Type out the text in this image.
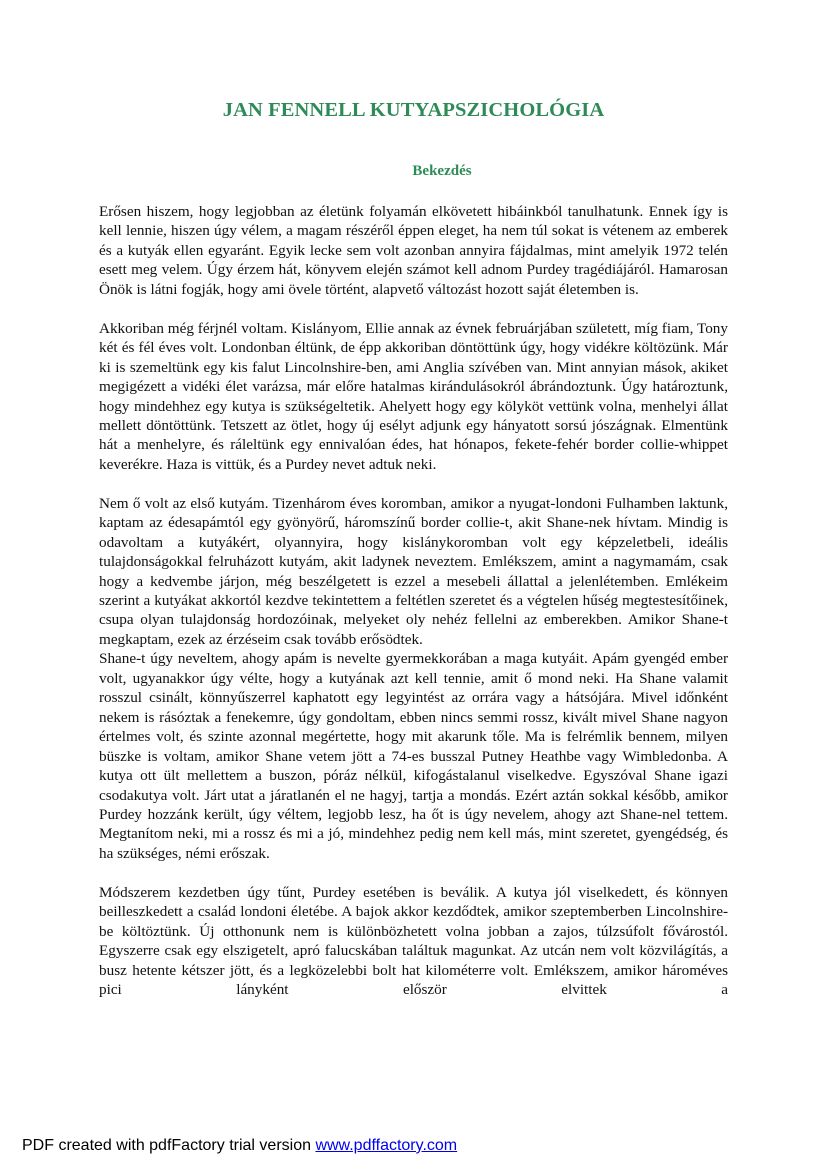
JAN FENNELL KUTYAPSZICHOLÓGIA
Bekezdés

Erősen hiszem, hogy legjobban az életünk folyamán elkövetett hibáinkból tanulhatunk. Ennek így is kell lennie, hiszen úgy vélem, a magam részéről éppen eleget, ha nem túl sokat is vétenem az emberek és a kutyák ellen egyaránt. Egyik lecke sem volt azonban annyira fájdalmas, mint amelyik 1972 telén esett meg velem. Úgy érzem hát, könyvem elején számot kell adnom Purdey tragédiájáról. Hamarosan Önök is látni fogják, hogy ami övele történt, alapvető változást hozott saját életemben is.

Akkoriban még férjnél voltam. Kislányom, Ellie annak az évnek februárjában született, míg fiam, Tony két és fél éves volt. Londonban éltünk, de épp akkoriban döntöttünk úgy, hogy vidékre költözünk. Már ki is szemeltünk egy kis falut Lincolnshire-ben, ami Anglia szívében van. Mint annyian mások, akiket megigézett a vidéki élet varázsa, már előre hatalmas kirándulásokról ábrándoztunk. Úgy határoztunk, hogy mindehhez egy kutya is szükségeltetik. Ahelyett hogy egy kölyköt vettünk volna, menhelyi állat mellett döntöttünk. Tetszett az ötlet, hogy új esélyt adjunk egy hányatott sorsú jószágnak. Elmentünk hát a menhelyre, és ráleltünk egy ennivalóan édes, hat hónapos, fekete-fehér border collie-whippet keverékre. Haza is vittük, és a Purdey nevet adtuk neki.

Nem ő volt az első kutyám. Tizenhárom éves koromban, amikor a nyugat-londoni Fulhamben laktunk, kaptam az édesapámtól egy gyönyörű, háromszínű border collie-t, akit Shane-nek hívtam. Mindig is odavoltam a kutyákért, olyannyira, hogy kislánykoromban volt egy képzeletbeli, ideális tulajdonságokkal felruházott kutyám, akit ladynek neveztem. Emlékszem, amint a nagymamám, csak hogy a kedvembe járjon, még beszélgetett is ezzel a mesebeli állattal a jelenlétemben. Emlékeim szerint a kutyákat akkortól kezdve tekintettem a feltétlen szeretet és a végtelen hűség megtestesítőinek, csupa olyan tulajdonság hordozóinak, melyeket oly nehéz fellelni az emberekben. Amikor Shane-t megkaptam, ezek az érzéseim csak tovább erősödtek.

Shane-t úgy neveltem, ahogy apám is nevelte gyermekkorában a maga kutyáit. Apám gyengéd ember volt, ugyanakkor úgy vélte, hogy a kutyának azt kell tennie, amit ő mond neki. Ha Shane valamit rosszul csinált, könnyűszerrel kaphatott egy legyintést az orrára vagy a hátsójára. Mivel időnként nekem is rásóztak a fenekemre, úgy gondoltam, ebben nincs semmi rossz, kivált mivel Shane nagyon értelmes volt, és szinte azonnal megértette, hogy mit akarunk tőle. Ma is felrémlik bennem, milyen büszke is voltam, amikor Shane vetem jött a 74-es busszal Putney Heathbe vagy Wimbledonba. A kutya ott ült mellettem a buszon, póráz nélkül, kifogástalanul viselkedve. Egyszóval Shane igazi csodakutya volt. Járt utat a járatlanén el ne hagyj, tartja a mondás. Ezért aztán sokkal később, amikor Purdey hozzánk került, úgy véltem, legjobb lesz, ha őt is úgy nevelem, ahogy azt Shane-nel tettem. Megtanítom neki, mi a rossz és mi a jó, mindehhez pedig nem kell más, mint szeretet, gyengédség, és ha szükséges, némi erőszak.

Módszerem kezdetben úgy tűnt, Purdey esetében is beválik. A kutya jól viselkedett, és könnyen beilleszkedett a család londoni életébe. A bajok akkor kezdődtek, amikor szeptemberben Lincolnshire-be költöztünk. Új otthonunk nem is különbözhetett volna jobban a zajos, túlzsúfolt fővárostól. Egyszerre csak egy elszigetelt, apró falucskában találtuk magunkat. Az utcán nem volt közvilágítás, a busz hetente kétszer jött, és a legközelebbi bolt hat kilométerre volt. Emlékszem, amikor hároméves pici lányként először elvittek a

PDF created with pdfFactory trial version www.pdffactory.com
